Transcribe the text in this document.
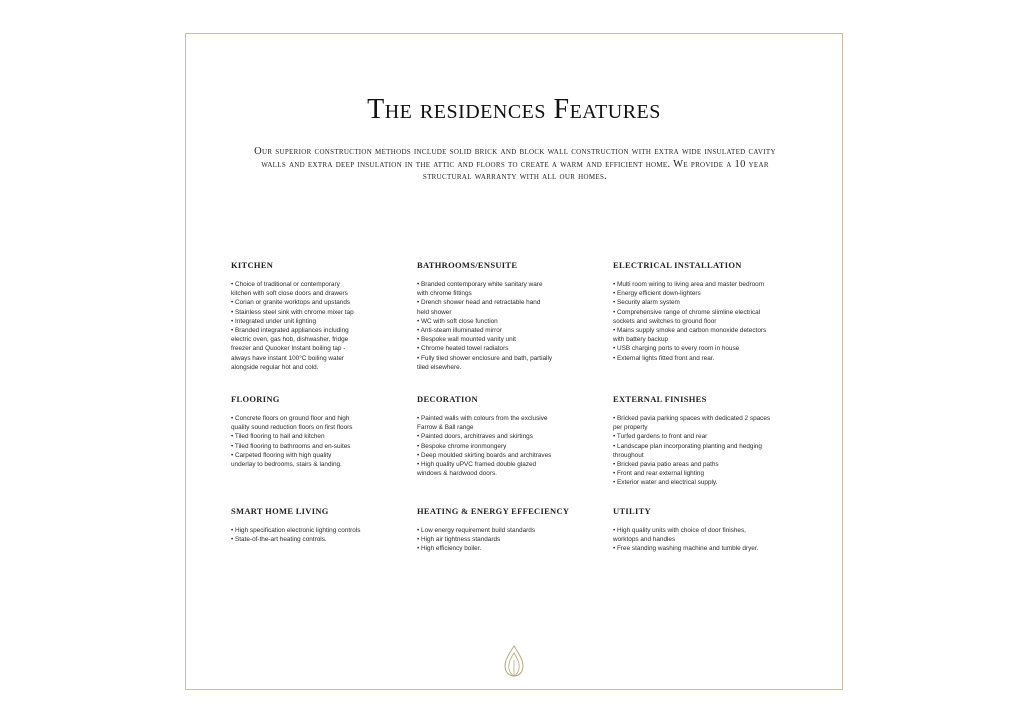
The residences Features
Our superior construction methods include solid brick and block wall construction with extra wide insulated cavity walls and extra deep insulation in the attic and floors to create a warm and efficient home. We provide a 10 year structural warranty with all our homes.
KITCHEN
• Choice of traditional or contemporary
kitchen with soft close doors and drawers
• Corian or granite worktops and upstands
• Stainless steel sink with chrome mixer tap
• Integrated under unit lighting
• Branded integrated appliances including
electric oven, gas hob, dishwasher, fridge
freezer and Quooker Instant boiling tap -
always have instant 100°C boiling water
alongside regular hot and cold.
BATHROOMS/ENSUITE
• Branded contemporary white sanitary ware
with chrome fittings
• Drench shower head and retractable hand
held shower
• WC with soft close function
• Anti-steam illuminated mirror
• Bespoke wall mounted vanity unit
• Chrome heated towel radiators
• Fully tiled shower enclosure and bath, partially
tiled elsewhere.
ELECTRICAL INSTALLATION
• Multi room wiring to living area and master bedroom
• Energy efficient down-lighters
• Security alarm system
• Comprehensive range of chrome slimline electrical
sockets and switches to ground floor
• Mains supply smoke and carbon monoxide detectors
with battery backup
• USB charging ports to every room in house
• External lights fitted front and rear.
FLOORING
• Concrete floors on ground floor and high
quality sound reduction floors on first floors
• Tiled flooring to hall and kitchen
• Tiled flooring to bathrooms and en-suites
• Carpeted flooring with high quality
underlay to bedrooms, stairs & landing.
DECORATION
• Painted walls with colours from the exclusive
Farrow & Ball range
• Painted doors, architraves and skirtings
• Bespoke chrome ironmongery
• Deep moulded skirting boards and architraves
• High quality uPVC framed double glazed
windows & hardwood doors.
EXTERNAL FINISHES
• Bricked pavia parking spaces with dedicated 2 spaces
per property
• Turfed gardens to front and rear
• Landscape plan incorporating planting and hedging
throughout
• Bricked pavia patio areas and paths
• Front and rear external lighting
• Exterior water and electrical supply.
SMART HOME LIVING
• High specification electronic lighting controls
• State-of-the-art heating controls.
HEATING & ENERGY EFFECIENCY
• Low energy requirement build standards
• High air tightness standards
• High efficiency boiler.
UTILITY
• High quality units with choice of door finishes,
worktops and handles
• Free standing washing machine and tumble dryer.
